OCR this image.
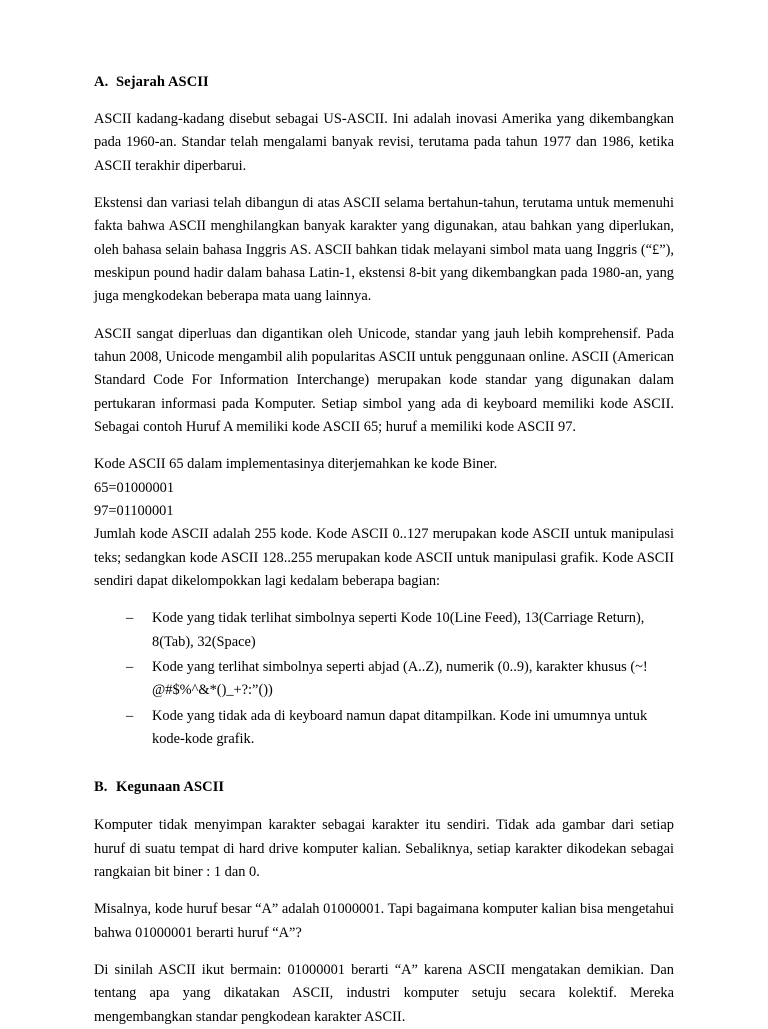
A. Sejarah ASCII

ASCII kadang-kadang disebut sebagai US-ASCII. Ini adalah inovasi Amerika yang dikembangkan pada 1960-an. Standar telah mengalami banyak revisi, terutama pada tahun 1977 dan 1986, ketika ASCII terakhir diperbarui.

Ekstensi dan variasi telah dibangun di atas ASCII selama bertahun-tahun, terutama untuk memenuhi fakta bahwa ASCII menghilangkan banyak karakter yang digunakan, atau bahkan yang diperlukan, oleh bahasa selain bahasa Inggris AS. ASCII bahkan tidak melayani simbol mata uang Inggris (“£”), meskipun pound hadir dalam bahasa Latin-1, ekstensi 8-bit yang dikembangkan pada 1980-an, yang juga mengkodekan beberapa mata uang lainnya.

ASCII sangat diperluas dan digantikan oleh Unicode, standar yang jauh lebih komprehensif. Pada tahun 2008, Unicode mengambil alih popularitas ASCII untuk penggunaan online. ASCII (American Standard Code For Information Interchange) merupakan kode standar yang digunakan dalam pertukaran informasi pada Komputer. Setiap simbol yang ada di keyboard memiliki kode ASCII. Sebagai contoh Huruf A memiliki kode ASCII 65; huruf a memiliki kode ASCII 97.

Kode ASCII 65 dalam implementasinya diterjemahkan ke kode Biner.

65=01000001

97=01100001

Jumlah kode ASCII adalah 255 kode. Kode ASCII 0..127 merupakan kode ASCII untuk manipulasi teks; sedangkan kode ASCII 128..255 merupakan kode ASCII untuk manipulasi grafik. Kode ASCII sendiri dapat dikelompokkan lagi kedalam beberapa bagian:

– Kode yang tidak terlihat simbolnya seperti Kode 10(Line Feed), 13(Carriage Return), 8(Tab), 32(Space)
– Kode yang terlihat simbolnya seperti abjad (A..Z), numerik (0..9), karakter khusus (~! @#$%^&*()_+?:”())
– Kode yang tidak ada di keyboard namun dapat ditampilkan. Kode ini umumnya untuk kode-kode grafik.
B. Kegunaan ASCII

Komputer tidak menyimpan karakter sebagai karakter itu sendiri. Tidak ada gambar dari setiap huruf di suatu tempat di hard drive komputer kalian. Sebaliknya, setiap karakter dikodekan sebagai rangkaian bit biner : 1 dan 0.

Misalnya, kode huruf besar “A” adalah 01000001. Tapi bagaimana komputer kalian bisa mengetahui bahwa 01000001 berarti huruf “A”?

Di sinilah ASCII ikut bermain: 01000001 berarti “A” karena ASCII mengatakan demikian. Dan tentang apa yang dikatakan ASCII, industri komputer setuju secara kolektif. Mereka mengembangkan standar pengkodean karakter ASCII.
